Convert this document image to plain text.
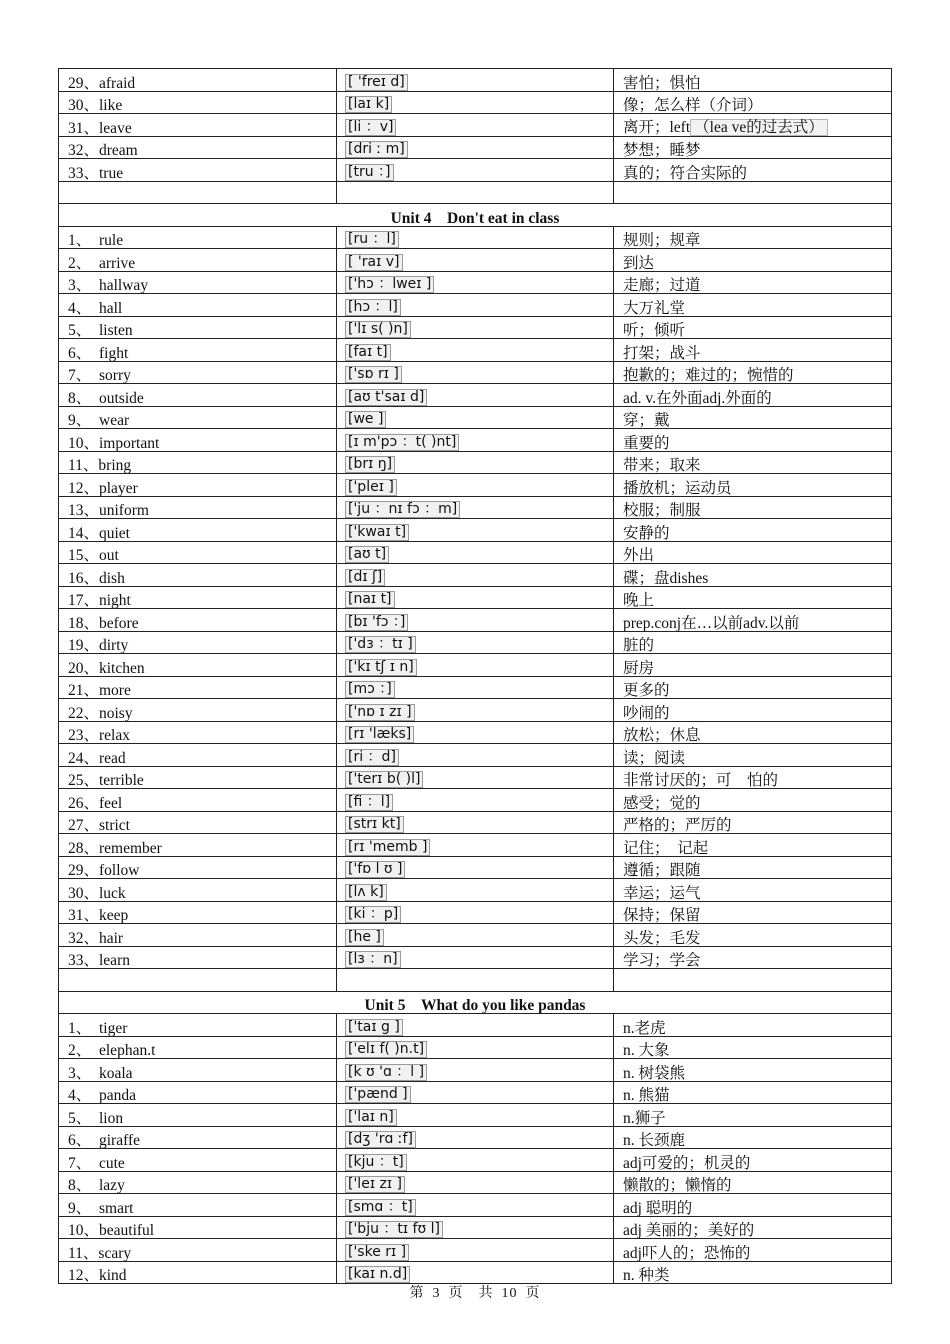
29、afraid	[ 'freɪ d]	害怕；惧怕
30、like	[laɪ k]	像；怎么样（介词）
31、leave	[li ：v]	离开；left （lea ve的过去式）
32、dream	[dri ː m]	梦想；睡梦
33、true	[tru ：]	真的；符合实际的

Unit 4　Don't eat in class		
1、　rule	[ru ：l]	规则；规章
2、　arrive	[ 'raɪ v]	到达
3、　hallway	['hɔ ：lweɪ ]	走廊；过道
4、　hall	[hɔ ：l]	大万礼堂
5、　listen	['lɪ s( )n]	听；倾听
6、　fight	[faɪ t]	打架；战斗
7、　sorry	['sɒ rɪ ]	抱歉的；难过的；惋惜的
8、　outside	[aʊ t'saɪ d]	ad. v.在外面adj.外面的
9、　wear	[we ]	穿；戴
10、important	[ɪ m'pɔ ：t( )nt]	重要的
11、bring	[brɪ ŋ]	带来；取来
12、player	['pleɪ ]	播放机；运动员
13、uniform	['ju ：nɪ fɔ ：m]	校服；制服
14、quiet	['kwaɪ t]	安静的
15、out	[aʊ t]	外出
16、dish	[dɪ ʃ]	碟；盘dishes
17、night	[naɪ t]	晚上
18、before	[bɪ 'fɔ ：]	prep.conj在…以前adv.以前
19、dirty	['dɜ ：tɪ ]	脏的
20、kitchen	['kɪ tʃ ɪ n]	厨房
21、more	[mɔ ：]	更多的
22、noisy	['nɒ ɪ zɪ ]	吵闹的
23、relax	[rɪ 'læks]	放松；休息
24、read	[ri ：d]	读；阅读
25、terrible	['terɪ b( )l]	非常讨厌的；可　怕的
26、feel	[fi ：l]	感受；觉的
27、strict	[strɪ kt]	严格的；严厉的
28、remember	[rɪ 'memb ]	记住；　记起
29、follow	['fɒ l ʊ ]	遵循；跟随
30、luck	[lʌ k]	幸运；运气
31、keep	[ki ：p]	保持；保留
32、hair	[he ]	头发；毛发
33、learn	[lɜ ：n]	学习；学会

Unit 5　What do you like pandas		
1、　tiger	['taɪ g ]	n.老虎
2、　elephan.t	['elɪ f( )n.t]	n. 大象
3、　koala	[k ʊ 'ɑ ：l ]	n. 树袋熊
4、　panda	['pænd ]	n. 熊猫
5、　lion	['laɪ n]	n.狮子
6、　giraffe	[dʒ 'rɑ ːf]	n. 长颈鹿
7、　cute	[kju ：t]	adj可爱的；机灵的
8、　lazy	['leɪ zɪ ]	懒散的；懒惰的
9、　smart	[smɑ ：t]	adj 聪明的
10、beautiful	['bju ：tɪ fʊ l]	adj 美丽的；美好的
11、scary	['ske rɪ ]	adj吓人的；恐怖的
12、kind	[kaɪ n.d]	n. 种类
第 3 页　共 10 页
